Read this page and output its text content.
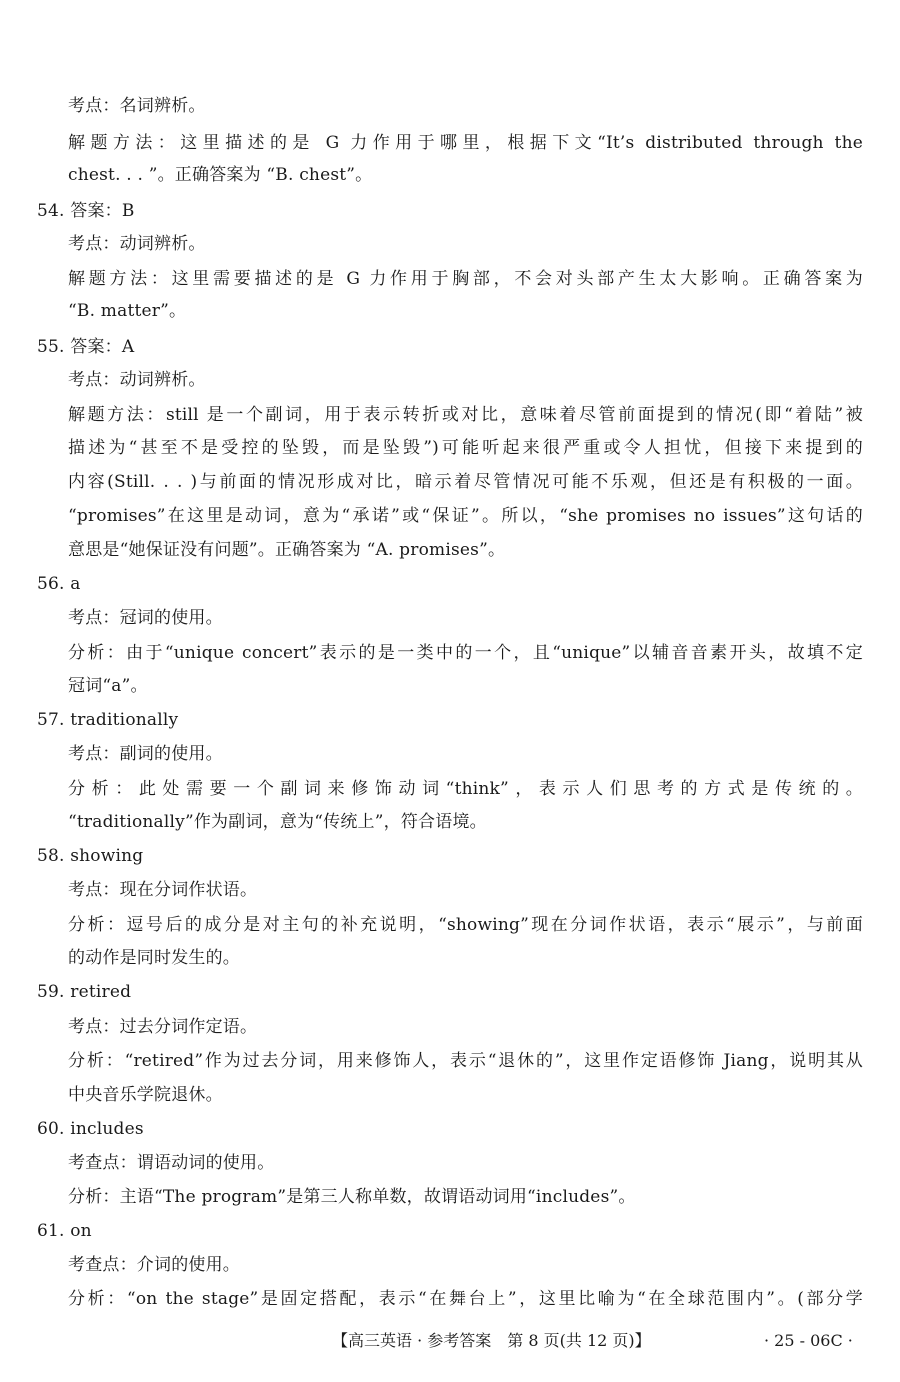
考点：名词辨析。
解题方法：这里描述的是 G 力作用于哪里，根据下文“It’s distributed through the
chest. . . ”。正确答案为 “B. chest”。
54. 答案：B
考点：动词辨析。
解题方法：这里需要描述的是 G 力作用于胸部，不会对头部产生太大影响。正确答案为
“B. matter”。
55. 答案：A
考点：动词辨析。
解题方法：still 是一个副词，用于表示转折或对比，意味着尽管前面提到的情况(即“着陆”被
描述为“甚至不是受控的坠毁，而是坠毁”)可能听起来很严重或令人担忧，但接下来提到的
内容(Still. . . )与前面的情况形成对比，暗示着尽管情况可能不乐观，但还是有积极的一面。
“promises”在这里是动词，意为“承诺”或“保证”。所以，“she promises no issues”这句话的
意思是“她保证没有问题”。正确答案为 “A. promises”。
56. a
考点：冠词的使用。
分析：由于“unique concert”表示的是一类中的一个，且“unique”以辅音音素开头，故填不定
冠词“a”。
57. traditionally
考点：副词的使用。
分析：此处需要一个副词来修饰动词“think”，表示人们思考的方式是传统的。
“traditionally”作为副词，意为“传统上”，符合语境。
58. showing
考点：现在分词作状语。
分析：逗号后的成分是对主句的补充说明，“showing”现在分词作状语，表示“展示”，与前面
的动作是同时发生的。
59. retired
考点：过去分词作定语。
分析：“retired”作为过去分词，用来修饰人，表示“退休的”，这里作定语修饰 Jiang，说明其从
中央音乐学院退休。
60. includes
考查点：谓语动词的使用。
分析：主语“The program”是第三人称单数，故谓语动词用“includes”。
61. on
考查点：介词的使用。
分析：“on the stage”是固定搭配，表示“在舞台上”，这里比喻为“在全球范围内”。(部分学
【高三英语 · 参考答案　第 8 页(共 12 页)】	· 25 - 06C ·
